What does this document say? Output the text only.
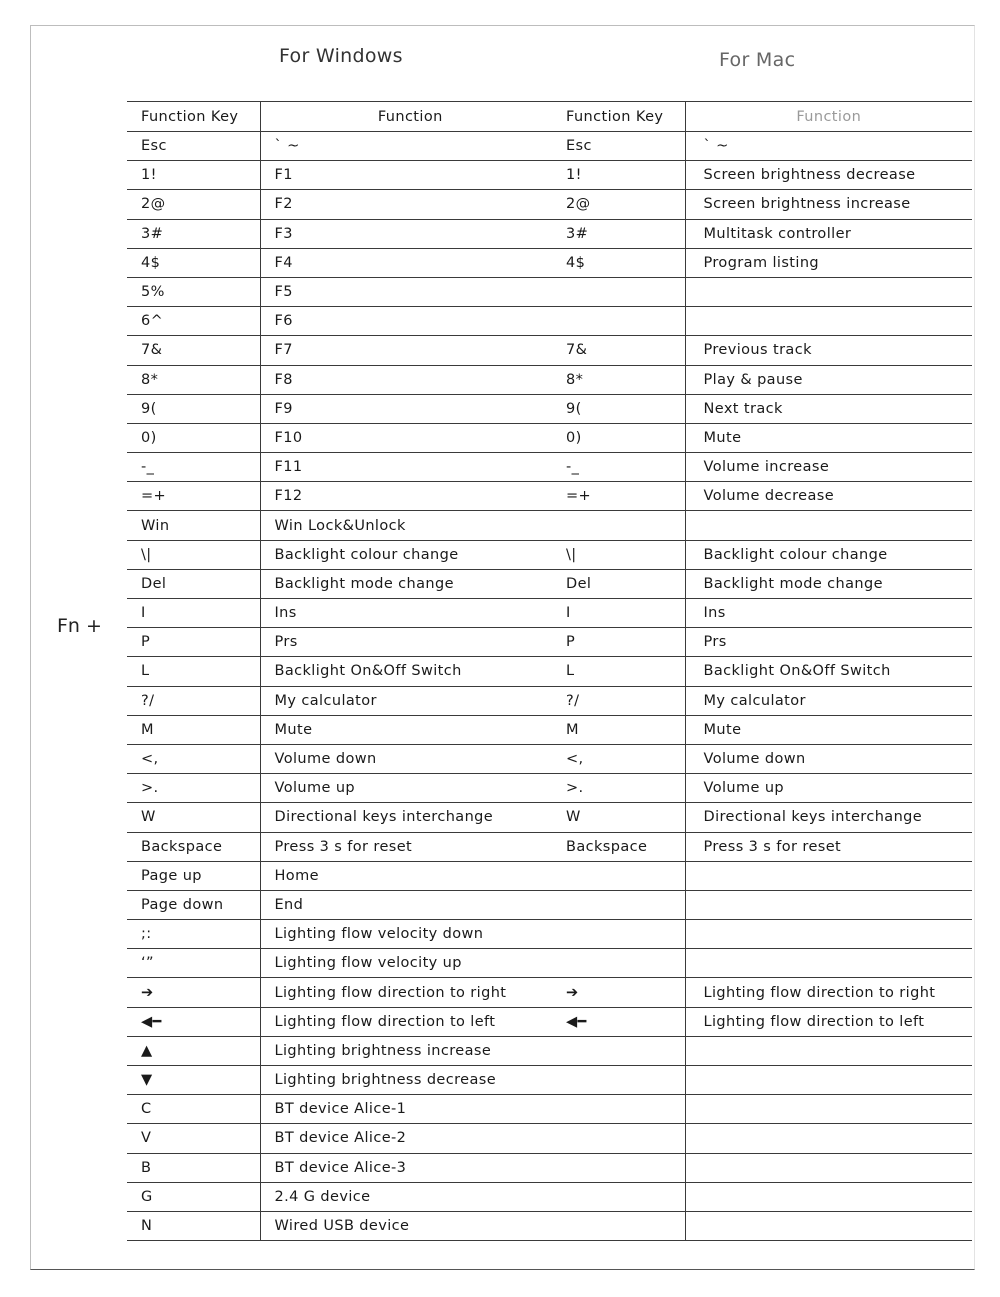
For Windows	For Mac
Fn +
Function Key	Function	Function Key	Function
Esc	` ~	Esc	` ~
1!	F1	1!	Screen brightness decrease
2@	F2	2@	Screen brightness increase
3#	F3	3#	Multitask controller
4$	F4	4$	Program listing
5%	F5		
6^	F6		
7&	F7	7&	Previous track
8*	F8	8*	Play & pause
9(	F9	9(	Next track
0)	F10	0)	Mute
-_	F11	-_	Volume increase
=+	F12	=+	Volume decrease
Win	Win Lock&Unlock		
\|	Backlight colour change	\|	Backlight colour change
Del	Backlight mode change	Del	Backlight mode change
I	Ins	I	Ins
P	Prs	P	Prs
L	Backlight On&Off Switch	L	Backlight On&Off Switch
?/	My calculator	?/	My calculator
M	Mute	M	Mute
<,	Volume down	<,	Volume down
>.	Volume up	>.	Volume up
W	Directional keys interchange	W	Directional keys interchange
Backspace	Press 3 s for reset	Backspace	Press 3 s for reset
Page up	Home		
Page down	End		
;:	Lighting flow velocity down		
‘”	Lighting flow velocity up		
➔	Lighting flow direction to right	➔	Lighting flow direction to right
◀━	Lighting flow direction to left	◀━	Lighting flow direction to left
▲	Lighting brightness increase		
▼	Lighting brightness decrease		
C	BT device Alice-1		
V	BT device Alice-2		
B	BT device Alice-3		
G	2.4 G device		
N	Wired USB device		
